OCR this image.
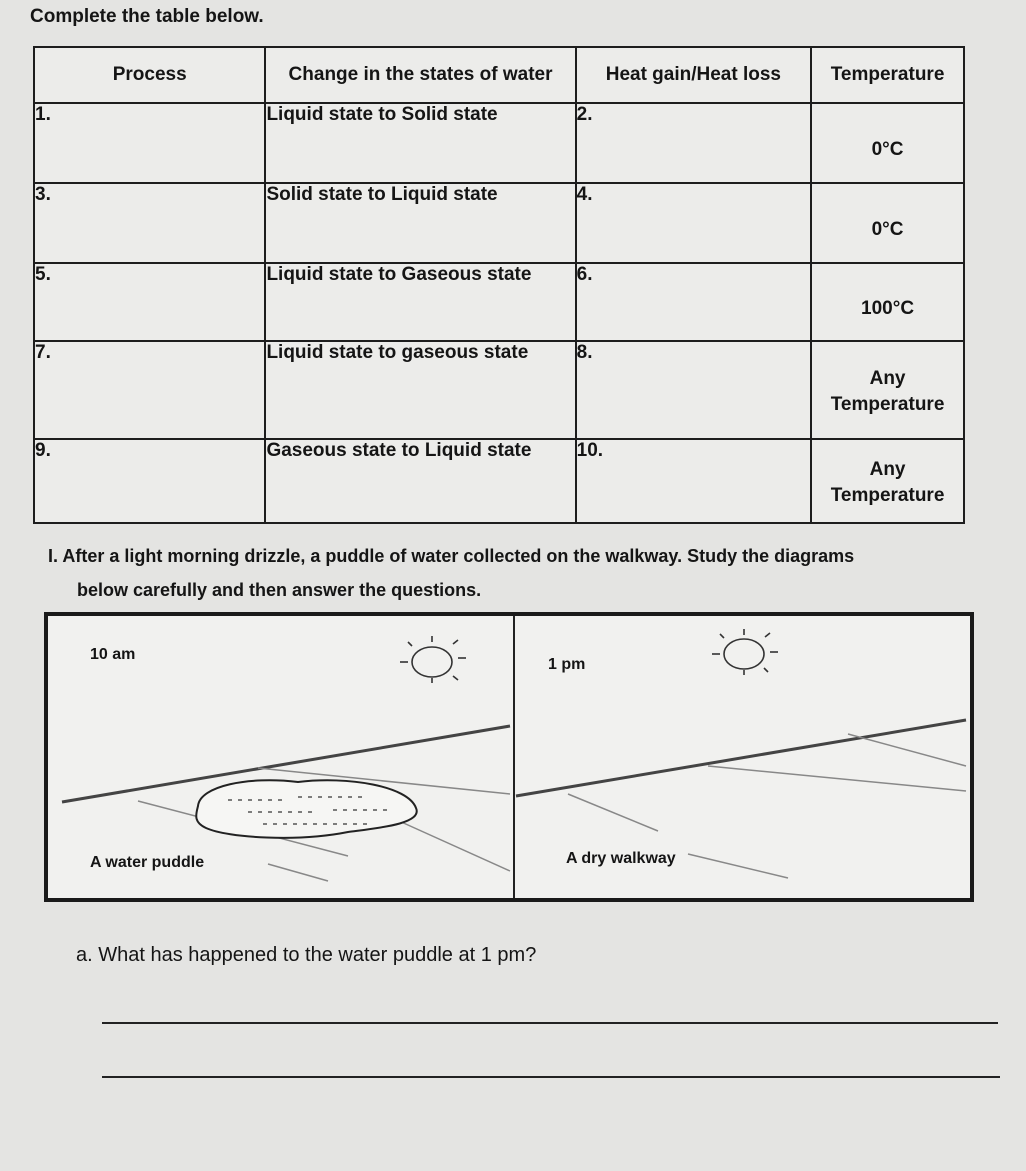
Complete the table below.
Process	Change in the states of water	Heat gain/Heat loss	Temperature
1.	Liquid state to Solid state	2.	0°C
3.	Solid state to Liquid state	4.	0°C
5.	Liquid state to Gaseous state	6.	100°C
7.	Liquid state to gaseous state	8.	Any Temperature
9.	Gaseous state to Liquid state	10.	Any Temperature
I. After a light morning drizzle, a puddle of water collected on the walkway. Study the diagrams
below carefully and then answer the questions.
10 am
1 pm
A water puddle	A dry walkway
a. What has happened to the water puddle at 1 pm?
